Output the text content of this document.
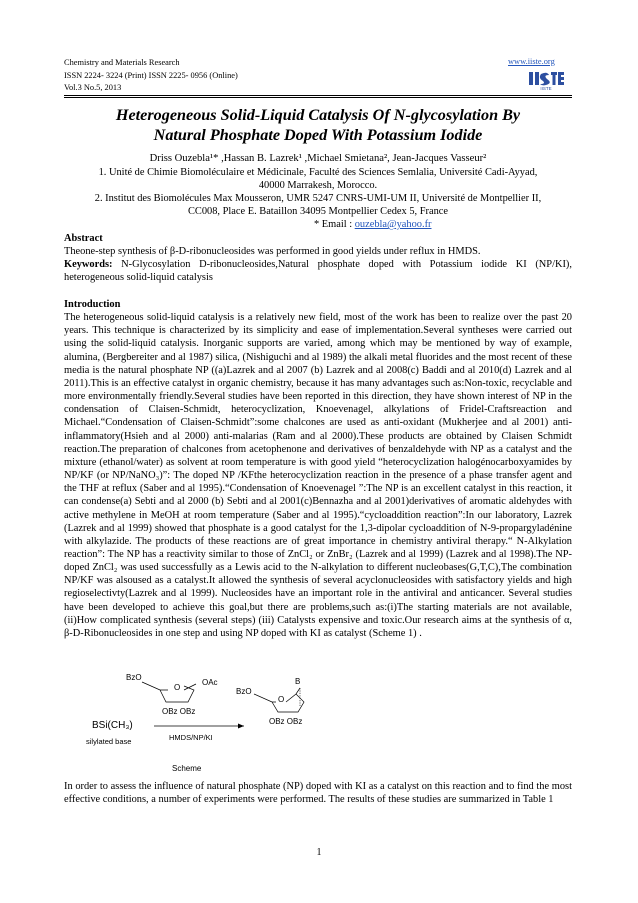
Chemistry and Materials Research
ISSN 2224- 3224 (Print) ISSN 2225- 0956 (Online)
Vol.3 No.5, 2013
www.iiste.org
IISTE
Heterogeneous Solid-Liquid Catalysis Of N-glycosylation By
Natural Phosphate Doped With Potassium Iodide
Driss Ouzebla¹* ,Hassan B. Lazrek¹ ,Michael Smietana², Jean-Jacques Vasseur²
1. Unité de Chimie Biomoléculaire et Médicinale, Faculté des Sciences Semlalia, Université Cadi-Ayyad,
40000 Marrakesh, Morocco.
2. Institut des Biomolécules Max Mousseron, UMR 5247 CNRS-UMI-UM II, Université de Montpellier II,
CC008, Place E. Bataillon 34095 Montpellier Cedex 5, France
* Email : ouzebla@yahoo.fr

Abstract

Theone-step synthesis of β-D-ribonucleosides was performed in good yields under reflux in HMDS.

Keywords: N-Glycosylation D-ribonucleosides,Natural phosphate doped with Potassium iodide KI (NP/KI), heterogeneous solid-liquid catalysis

Introduction

The heterogeneous solid-liquid catalysis is a relatively new field, most of the work has been to realize over the past 20 years. This technique is characterized by its simplicity and ease of implementation.Several syntheses were carried out using the solid-liquid catalysis. Inorganic supports are varied, among which may be mentioned by way of example, alumina, (Bergbereiter and al 1987) silica, (Nishiguchi and al 1989) the alkali metal fluorides and the most recent of these media is the natural phosphate NP ((a)Lazrek and al 2007 (b) Lazrek and al 2008(c) Baddi and al 2010(d) Lazrek and al 2011).This is an effective catalyst in organic chemistry, because it has many advantages such as:Non-toxic, recyclable and more environmentally friendly.Several studies have been reported in this direction, they have shown interest of NP in the condensation of Claisen-Schmidt, heterocyclization, Knoevenagel, alkylations of Fridel-Craftsreaction and Michael.“Condensation of Claisen-Schmidt”:some chalcones are used as anti-oxidant (Mukherjee and al 2001) anti-inflammatory(Hsieh and al 2000) anti-malarias (Ram and al 2000).These products are obtained by Claisen Schmidt reaction.The preparation of chalcones from acetophenone and derivatives of benzaldehyde with NP as a catalyst and the mixture (ethanol/water) as solvent at room temperature is with good yield “heterocyclization halogénocarboxyamides by NP/KF (or NP/NaNO₃)”: The doped NP /KFthe heterocyclization reaction in the presence of a phase transfer agent and the THF at reflux (Saber and al 1995).“Condensation of Knoevenagel ”:The NP is an excellent catalyst in this reaction, it can condense(a) Sebti and al 2000 (b) Sebti and al 2001(c)Bennazha and al 2001)derivatives of aromatic aldehydes with active methylene in MeOH at room temperature (Saber and al 1995).“cycloaddition reaction”:In our laboratory, Lazrek (Lazrek and al 1999) showed that phosphate is a good catalyst for the 1,3-dipolar cycloaddition of N-9-propargyladénine with alkylazide. The products of these reactions are of great importance in chemistry antiviral therapy.“ N-Alkylation reaction”: The NP has a reactivity similar to those of ZnCl₂ or ZnBr₂ (Lazrek and al 1999) (Lazrek and al 1998).The NP-doped ZnCl₂ was used successfully as a Lewis acid to the N-alkylation to different nucleobases(G,T,C),The combination NP/KF was alsoused as a catalyst.It allowed the synthesis of several acyclonucleosides with satisfactory yields and high regioselectivty(Lazrek and al 1999). Nucleosides have an important role in the antiviral and anticancer. Several studies have been developed to achieve this goal,but there are problems,such as:(i)The starting materials are not available, (ii)How complicated synthesis (several steps) (iii) Catalysts expensive and toxic.Our research aims at the synthesis of α, β-D-Ribonucleosides in one step and using NP doped with KI as catalyst (Scheme 1) .

BzO
OAc
O
OBz OBz
BSi(CH₃)
silylated base	HMDS/NP/KI
Scheme
BzO
O
B
OBz OBz
In order to assess the influence of natural phosphate (NP) doped with KI as a catalyst on this reaction and to find the most effective conditions, a number of experiments were performed. The results of these studies are summarized in Table 1
1
